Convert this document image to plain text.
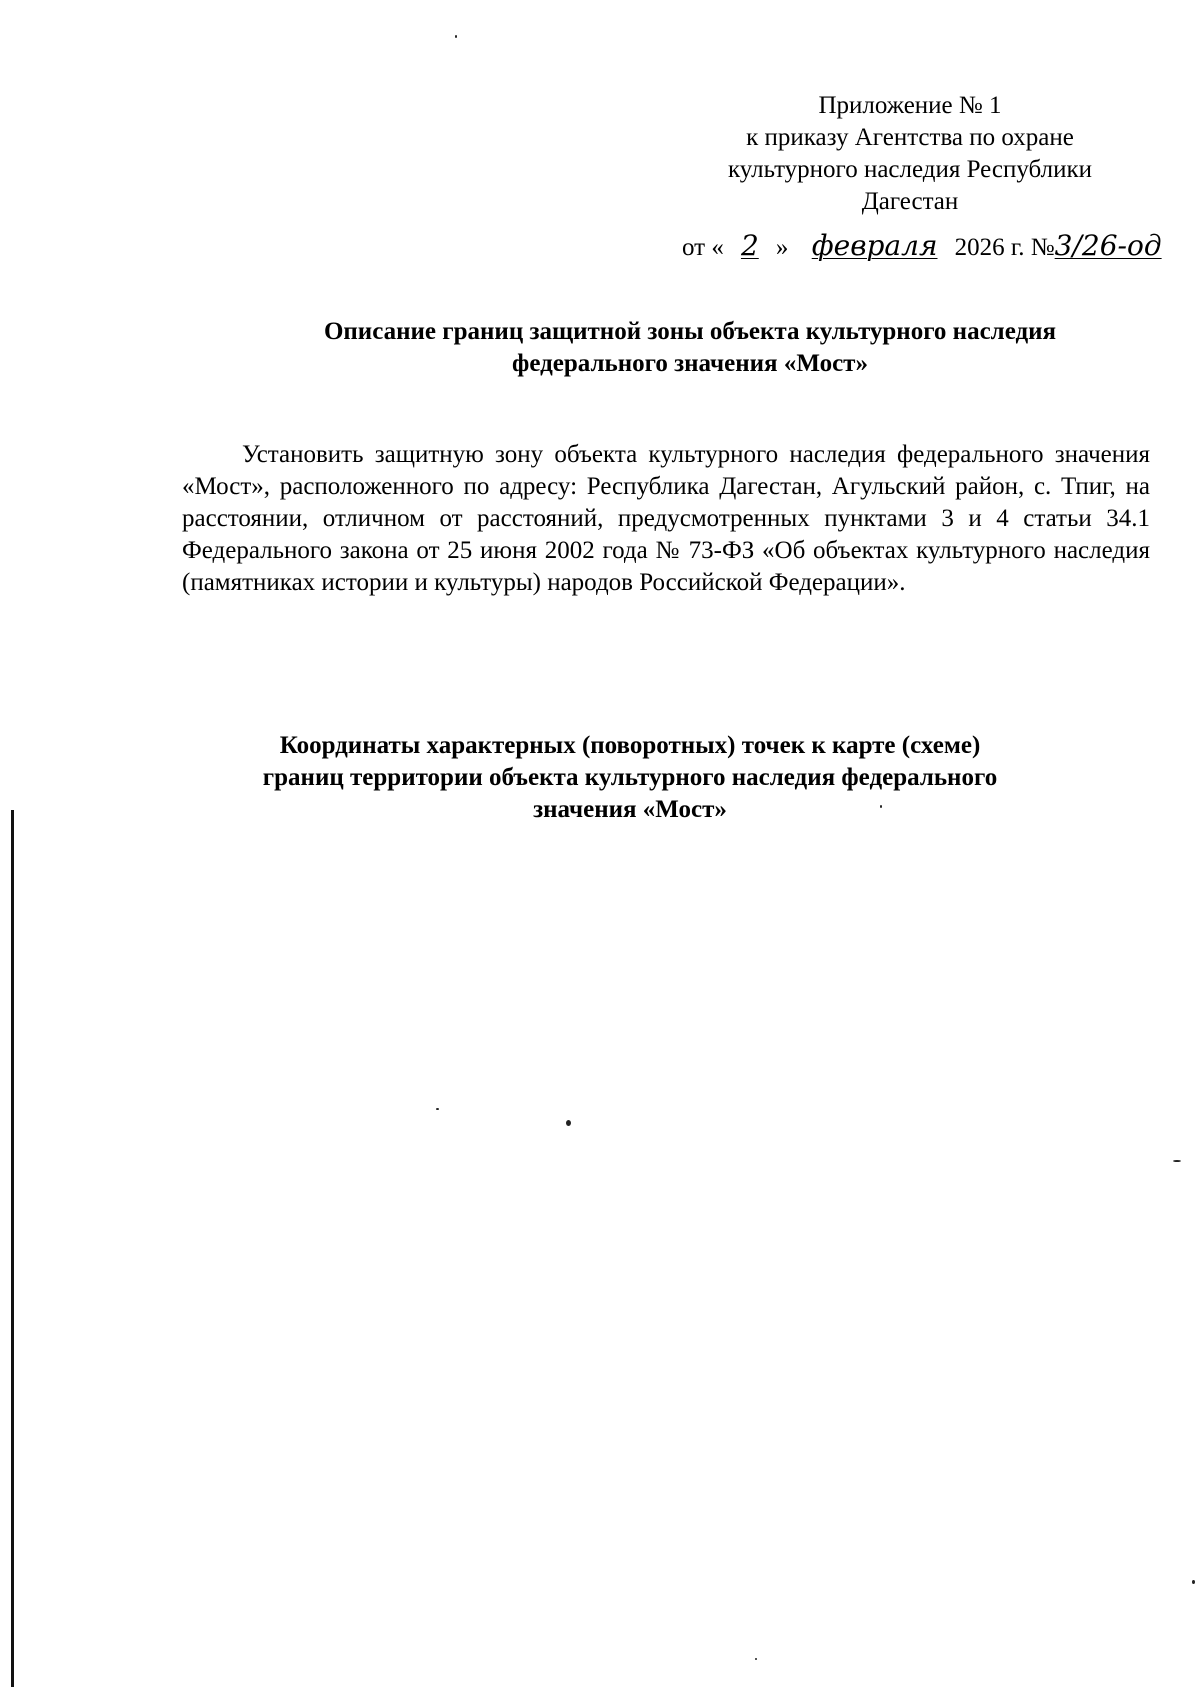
Приложение № 1
к приказу Агентства по охране
культурного наследия Республики
Дагестан
от « 2 » февраля 2026 г. №3/26-од
Описание границ защитной зоны объекта культурного наследия
федерального значения «Мост»

Установить защитную зону объекта культурного наследия федерального значения «Мост», расположенного по адресу: Республика Дагестан, Агульский район, с. Тпиг, на расстоянии, отличном от расстояний, предусмотренных пунктами 3 и 4 статьи 34.1 Федерального закона от 25 июня 2002 года № 73-ФЗ «Об объектах культурного наследия (памятниках истории и культуры) народов Российской Федерации».

Координаты характерных (поворотных) точек к карте (схеме)
границ территории объекта культурного наследия федерального
значения «Мост»
